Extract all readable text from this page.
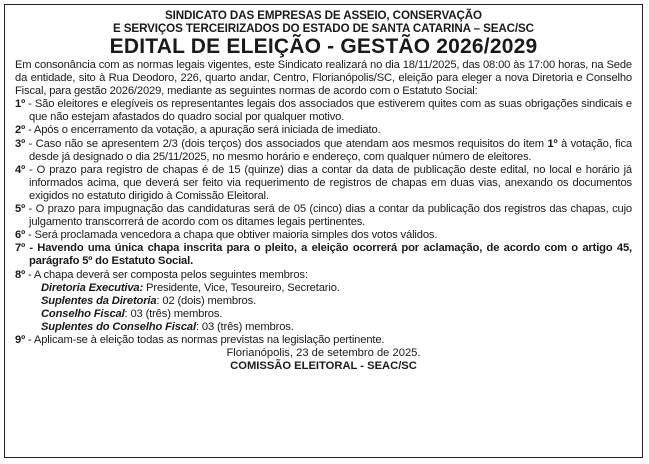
SINDICATO DAS EMPRESAS DE ASSEIO, CONSERVAÇÃO
E SERVIÇOS TERCEIRIZADOS DO ESTADO DE SANTA CATARINA – SEAC/SC
EDITAL DE ELEIÇÃO - GESTÃO 2026/2029
Em consonância com as normas legais vigentes, este Sindicato realizará no dia 18/11/2025, das 08:00 às 17:00 horas, na Sede da entidade, sito à Rua Deodoro, 226, quarto andar, Centro, Florianópolis/SC, eleição para eleger a nova Diretoria e Conselho Fiscal, para gestão 2026/2029, mediante as seguintes normas de acordo com o Estatuto Social:
1º - São eleitores e elegíveis os representantes legais dos associados que estiverem quites com as suas obrigações sindicais e que não estejam afastados do quadro social por qualquer motivo.
2º - Após o encerramento da votação, a apuração será iniciada de imediato.
3º - Caso não se apresentem 2/3 (dois terços) dos associados que atendam aos mesmos requisitos do item 1º à votação, fica desde já designado o dia 25/11/2025, no mesmo horário e endereço, com qualquer número de eleitores.
4º - O prazo para registro de chapas é de 15 (quinze) dias a contar da data de publicação deste edital, no local e horário já informados acima, que deverá ser feito via requerimento de registros de chapas em duas vias, anexando os documentos exigidos no estatuto dirigido à Comissão Eleitoral.
5º - O prazo para impugnação das candidaturas será de 05 (cinco) dias a contar da publicação dos registros das chapas, cujo julgamento transcorrerá de acordo com os ditames legais pertinentes.
6º - Será proclamada vencedora a chapa que obtiver maioria simples dos votos válidos.
7º - Havendo uma única chapa inscrita para o pleito, a eleição ocorrerá por aclamação, de acordo com o artigo 45, parágrafo 5º do Estatuto Social.
8º - A chapa deverá ser composta pelos seguintes membros:
Diretoria Executiva: Presidente, Vice, Tesoureiro, Secretario.
Suplentes da Diretoria: 02 (dois) membros.
Conselho Fiscal: 03 (três) membros.
Suplentes do Conselho Fiscal: 03 (três) membros.
9º - Aplicam-se à eleição todas as normas previstas na legislação pertinente.
Florianópolis, 23 de setembro de 2025.
COMISSÃO ELEITORAL - SEAC/SC
